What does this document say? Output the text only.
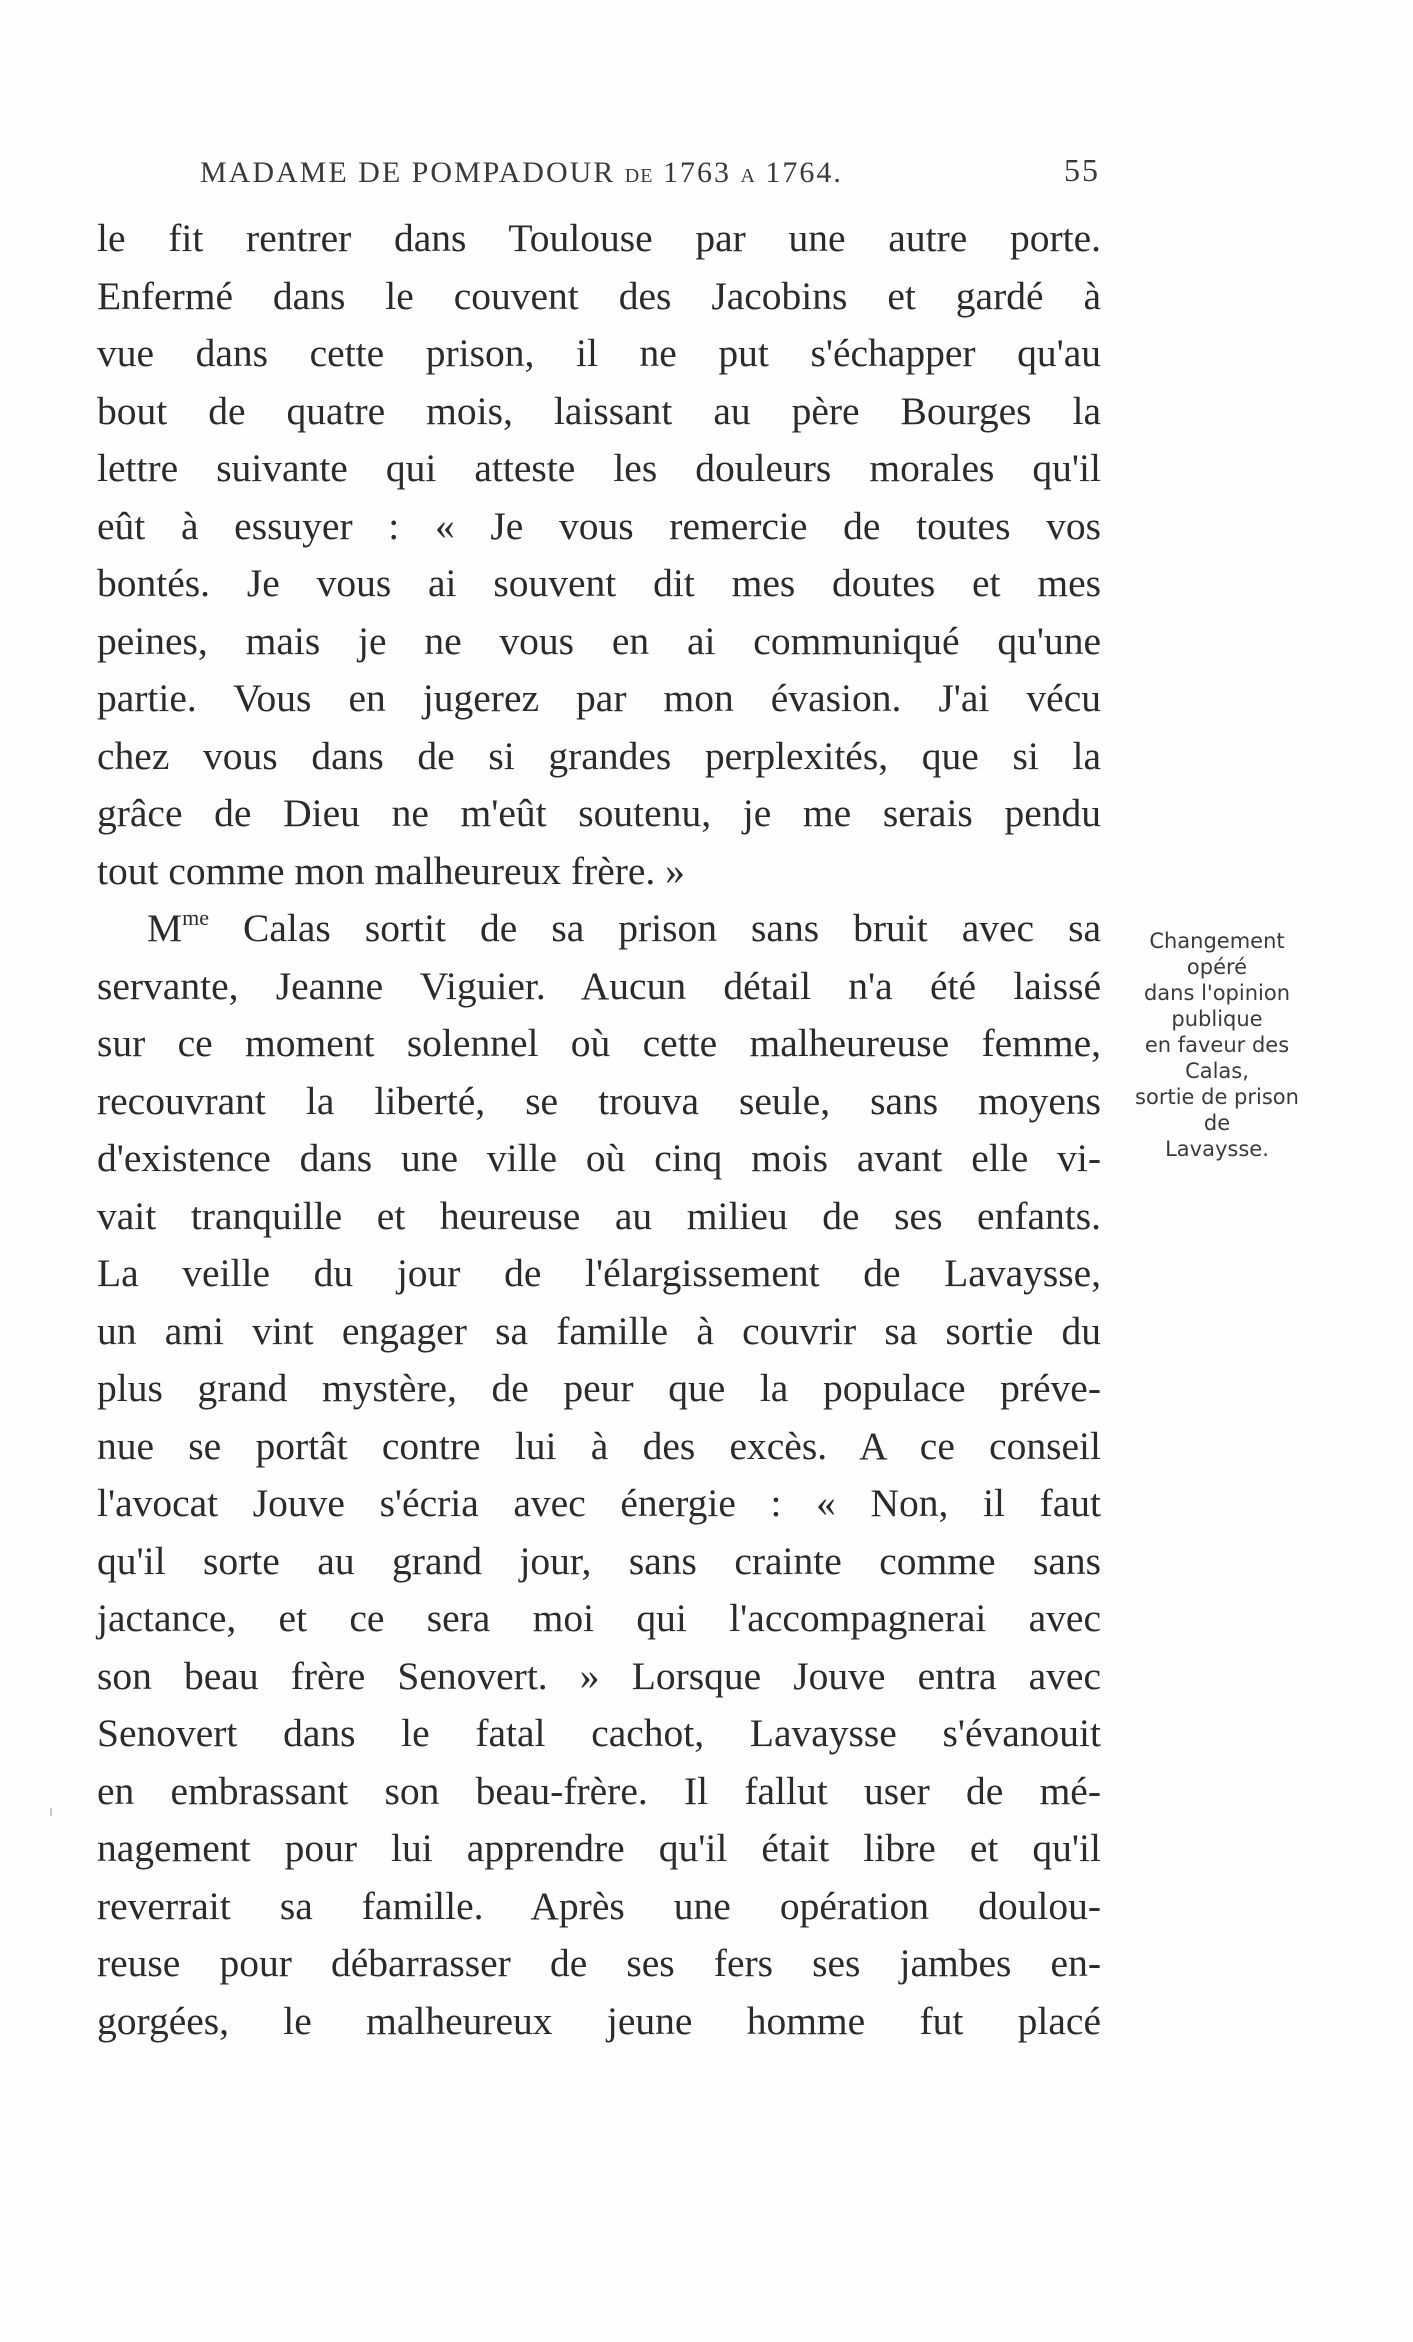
MADAME DE POMPADOUR DE 1763 A 1764.	55
le fit rentrer dans Toulouse par une autre porte.
Enfermé dans le couvent des Jacobins et gardé à
vue dans cette prison, il ne put s'échapper qu'au
bout de quatre mois, laissant au père Bourges la
lettre suivante qui atteste les douleurs morales qu'il
eût à essuyer : « Je vous remercie de toutes vos
bontés. Je vous ai souvent dit mes doutes et mes
peines, mais je ne vous en ai communiqué qu'une
partie. Vous en jugerez par mon évasion. J'ai vécu
chez vous dans de si grandes perplexités, que si la
grâce de Dieu ne m'eût soutenu, je me serais pendu
tout comme mon malheureux frère. »
$M^{me}$ Calas sortit de sa prison sans bruit avec sa
servante, Jeanne Viguier. Aucun détail n'a été laissé
sur ce moment solennel où cette malheureuse femme,
recouvrant la liberté, se trouva seule, sans moyens
d'existence dans une ville où cinq mois avant elle vi-
vait tranquille et heureuse au milieu de ses enfants.
La veille du jour de l'élargissement de Lavaysse,
un ami vint engager sa famille à couvrir sa sortie du
plus grand mystère, de peur que la populace préve-
nue se portât contre lui à des excès. A ce conseil
l'avocat Jouve s'écria avec énergie : « Non, il faut
qu'il sorte au grand jour, sans crainte comme sans
jactance, et ce sera moi qui l'accompagnerai avec
son beau frère Senovert. » Lorsque Jouve entra avec
Senovert dans le fatal cachot, Lavaysse s'évanouit
en embrassant son beau-frère. Il fallut user de mé-
nagement pour lui apprendre qu'il était libre et qu'il
reverrait sa famille. Après une opération doulou-
reuse pour débarrasser de ses fers ses jambes en-
gorgées, le malheureux jeune homme fut placé
Changement
opéré
dans l'opinion
publique
en faveur des
Calas,
sortie de prison
de
Lavaysse.
